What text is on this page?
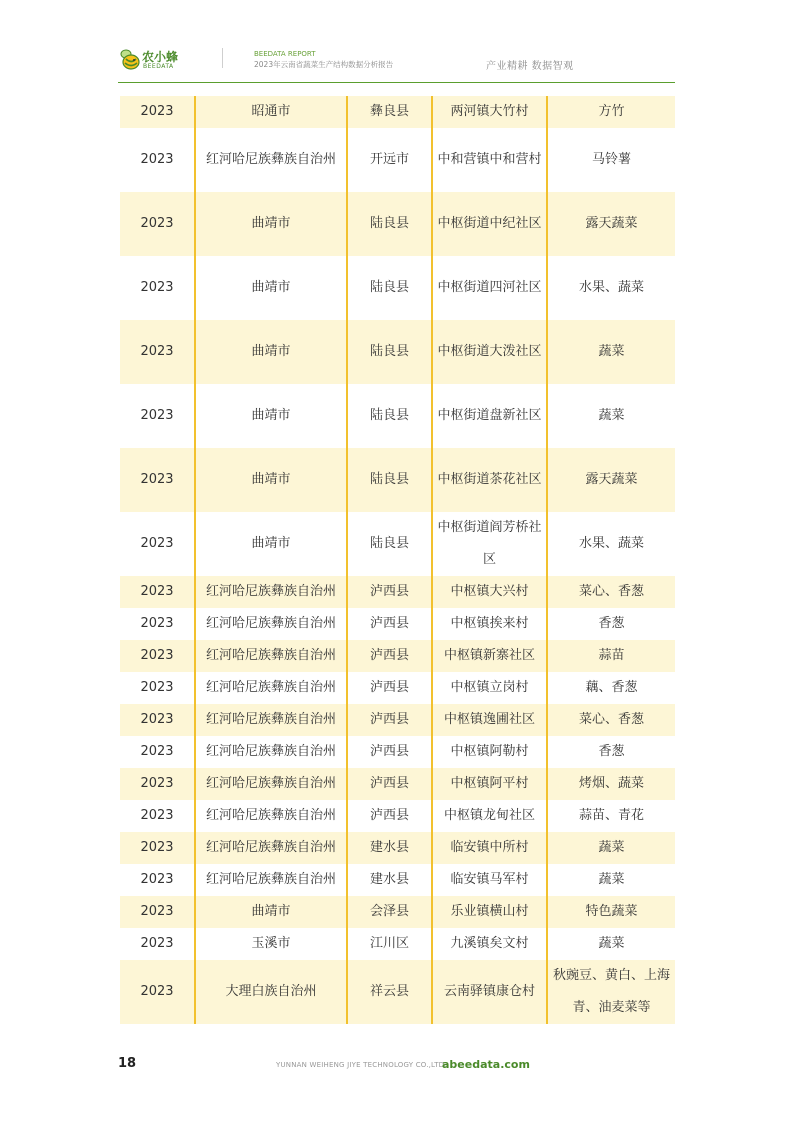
农小蜂
BEEDATA
BEEDATA REPORT
2023年云南省蔬菜生产结构数据分析报告	产业精耕 数据智观
2023	昭通市	彝良县	两河镇大竹村	方竹
2023	红河哈尼族彝族自治州	开远市	中和营镇中和营村	马铃薯
2023	曲靖市	陆良县	中枢街道中纪社区	露天蔬菜
2023	曲靖市	陆良县	中枢街道四河社区	水果、蔬菜
2023	曲靖市	陆良县	中枢街道大泼社区	蔬菜
2023	曲靖市	陆良县	中枢街道盘新社区	蔬菜
2023	曲靖市	陆良县	中枢街道茶花社区	露天蔬菜
2023	曲靖市	陆良县	中枢街道阎芳桥社区	水果、蔬菜
2023	红河哈尼族彝族自治州	泸西县	中枢镇大兴村	菜心、香葱
2023	红河哈尼族彝族自治州	泸西县	中枢镇挨来村	香葱
2023	红河哈尼族彝族自治州	泸西县	中枢镇新寨社区	蒜苗
2023	红河哈尼族彝族自治州	泸西县	中枢镇立岗村	藕、香葱
2023	红河哈尼族彝族自治州	泸西县	中枢镇逸圃社区	菜心、香葱
2023	红河哈尼族彝族自治州	泸西县	中枢镇阿勒村	香葱
2023	红河哈尼族彝族自治州	泸西县	中枢镇阿平村	烤烟、蔬菜
2023	红河哈尼族彝族自治州	泸西县	中枢镇龙甸社区	蒜苗、青花
2023	红河哈尼族彝族自治州	建水县	临安镇中所村	蔬菜
2023	红河哈尼族彝族自治州	建水县	临安镇马军村	蔬菜
2023	曲靖市	会泽县	乐业镇横山村	特色蔬菜
2023	玉溪市	江川区	九溪镇矣文村	蔬菜
2023	大理白族自治州	祥云县	云南驿镇康仓村	秋豌豆、黄白、上海青、油麦菜等
18	YUNNAN WEIHENG JIYE TECHNOLOGY CO.,LTD.
abeedata.com
